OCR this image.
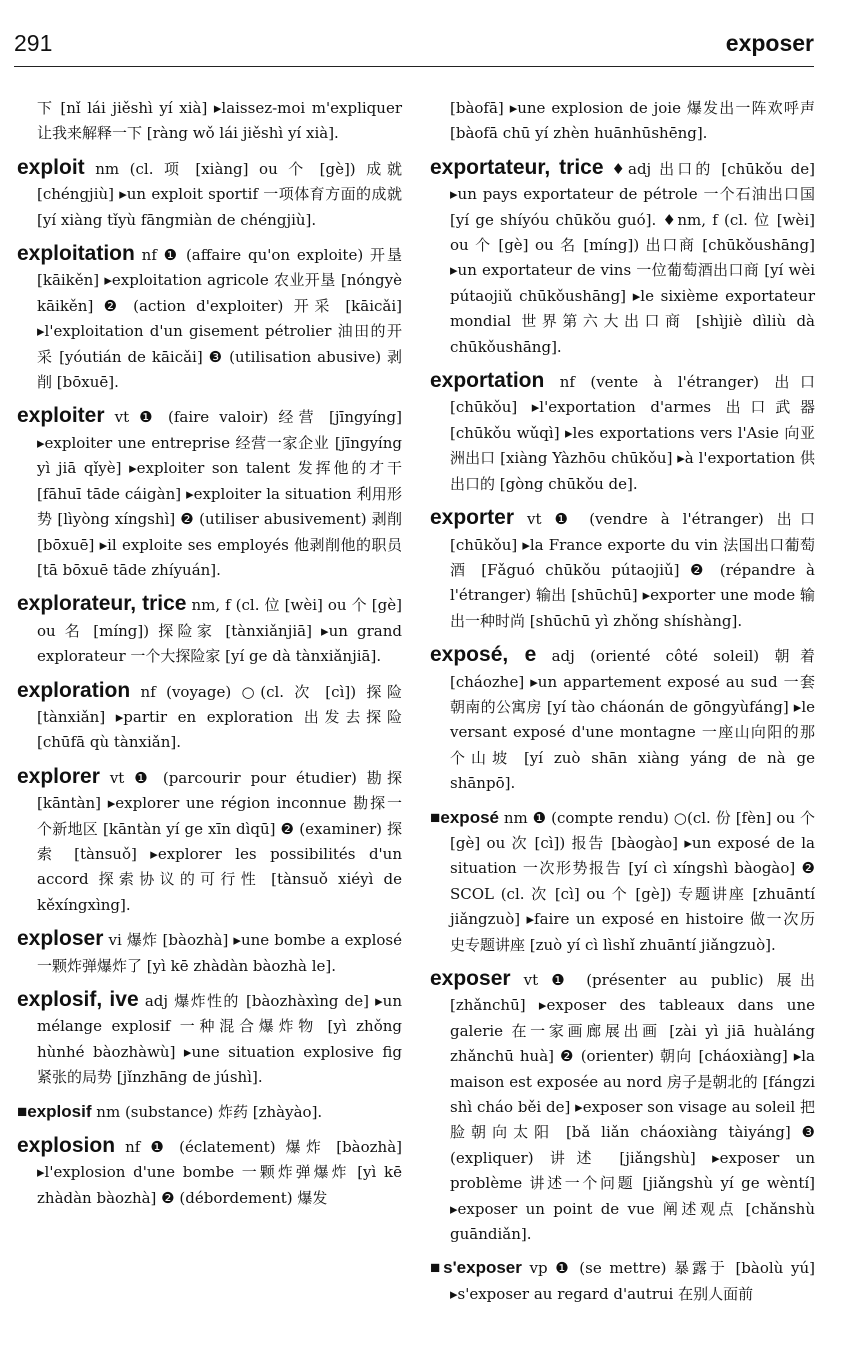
291	exposer

下 [nǐ lái jiěshì yí xià] ▸laissez-moi m'expliquer 让我来解释一下 [ràng wǒ lái jiěshì yí xià].

exploit nm (cl. 项 [xiàng] ou 个 [gè]) 成就 [chéngjiù] ▸un exploit sportif 一项体育方面的成就 [yí xiàng tǐyù fāngmiàn de chéngjiù].

exploitation nf ❶ (affaire qu'on exploite) 开垦 [kāikěn] ▸exploitation agricole 农业开垦 [nóngyè kāikěn] ❷ (action d'exploiter) 开采 [kāicǎi] ▸l'exploitation d'un gisement pétrolier 油田的开采 [yóutián de kāicǎi] ❸ (utilisation abusive) 剥削 [bōxuē].

exploiter vt ❶ (faire valoir) 经营 [jīngyíng] ▸exploiter une entreprise 经营一家企业 [jīngyíng yì jiā qǐyè] ▸exploiter son talent 发挥他的才干 [fāhuī tāde cáigàn] ▸exploiter la situation 利用形势 [lìyòng xíngshì] ❷ (utiliser abusivement) 剥削 [bōxuē] ▸il exploite ses employés 他剥削他的职员 [tā bōxuē tāde zhíyuán].

explorateur, trice nm, f (cl. 位 [wèi] ou 个 [gè] ou 名 [míng]) 探险家 [tànxiǎnjiā] ▸un grand explorateur 一个大探险家 [yí ge dà tànxiǎnjiā].

exploration nf (voyage) ○(cl. 次 [cì]) 探险 [tànxiǎn] ▸partir en exploration 出发去探险 [chūfā qù tànxiǎn].

explorer vt ❶ (parcourir pour étudier) 勘探 [kāntàn] ▸explorer une région inconnue 勘探一个新地区 [kāntàn yí ge xīn dìqū] ❷ (examiner) 探索 [tànsuǒ] ▸explorer les possibilités d'un accord 探索协议的可行性 [tànsuǒ xiéyì de kěxíngxìng].

exploser vi 爆炸 [bàozhà] ▸une bombe a explosé 一颗炸弹爆炸了 [yì kē zhàdàn bàozhà le].

explosif, ive adj 爆炸性的 [bàozhàxìng de] ▸un mélange explosif 一种混合爆炸物 [yì zhǒng hùnhé bàozhàwù] ▸une situation explosive fig 紧张的局势 [jǐnzhāng de júshì].

■explosif nm (substance) 炸药 [zhàyào].

explosion nf ❶ (éclatement) 爆炸 [bàozhà] ▸l'explosion d'une bombe 一颗炸弹爆炸 [yì kē zhàdàn bàozhà] ❷ (débordement) 爆发

[bàofā] ▸une explosion de joie 爆发出一阵欢呼声 [bàofā chū yí zhèn huānhūshēng].

exportateur, trice ♦adj 出口的 [chūkǒu de] ▸un pays exportateur de pétrole 一个石油出口国 [yí ge shíyóu chūkǒu guó]. ♦nm, f (cl. 位 [wèi] ou 个 [gè] ou 名 [míng]) 出口商 [chūkǒushāng] ▸un exportateur de vins 一位葡萄酒出口商 [yí wèi pútaojiǔ chūkǒushāng] ▸le sixième exportateur mondial 世界第六大出口商 [shìjiè dìliù dà chūkǒushāng].

exportation nf (vente à l'étranger) 出口 [chūkǒu] ▸l'exportation d'armes 出口武器 [chūkǒu wǔqì] ▸les exportations vers l'Asie 向亚洲出口 [xiàng Yàzhōu chūkǒu] ▸à l'exportation 供出口的 [gòng chūkǒu de].

exporter vt ❶ (vendre à l'étranger) 出口 [chūkǒu] ▸la France exporte du vin 法国出口葡萄酒 [Fǎguó chūkǒu pútaojiǔ] ❷ (répandre à l'étranger) 输出 [shūchū] ▸exporter une mode 输出一种时尚 [shūchū yì zhǒng shíshàng].

exposé, e adj (orienté côté soleil) 朝着 [cháozhe] ▸un appartement exposé au sud 一套朝南的公寓房 [yí tào cháonán de gōngyùfáng] ▸le versant exposé d'une montagne 一座山向阳的那个山坡 [yí zuò shān xiàng yáng de nà ge shānpō].

■exposé nm ❶ (compte rendu) ○(cl. 份 [fèn] ou 个 [gè] ou 次 [cì]) 报告 [bàogào] ▸un exposé de la situation 一次形势报告 [yí cì xíngshì bàogào] ❷ SCOL (cl. 次 [cì] ou 个 [gè]) 专题讲座 [zhuāntí jiǎngzuò] ▸faire un exposé en histoire 做一次历史专题讲座 [zuò yí cì lìshǐ zhuāntí jiǎngzuò].

exposer vt ❶ (présenter au public) 展出 [zhǎnchū] ▸exposer des tableaux dans une galerie 在一家画廊展出画 [zài yì jiā huàláng zhǎnchū huà] ❷ (orienter) 朝向 [cháoxiàng] ▸la maison est exposée au nord 房子是朝北的 [fángzi shì cháo běi de] ▸exposer son visage au soleil 把脸朝向太阳 [bǎ liǎn cháoxiàng tàiyáng] ❸ (expliquer) 讲述 [jiǎngshù] ▸exposer un problème 讲述一个问题 [jiǎngshù yí ge wèntí] ▸exposer un point de vue 阐述观点 [chǎnshù guāndiǎn].

■s'exposer vp ❶ (se mettre) 暴露于 [bàolù yú] ▸s'exposer au regard d'autrui 在别人面前
